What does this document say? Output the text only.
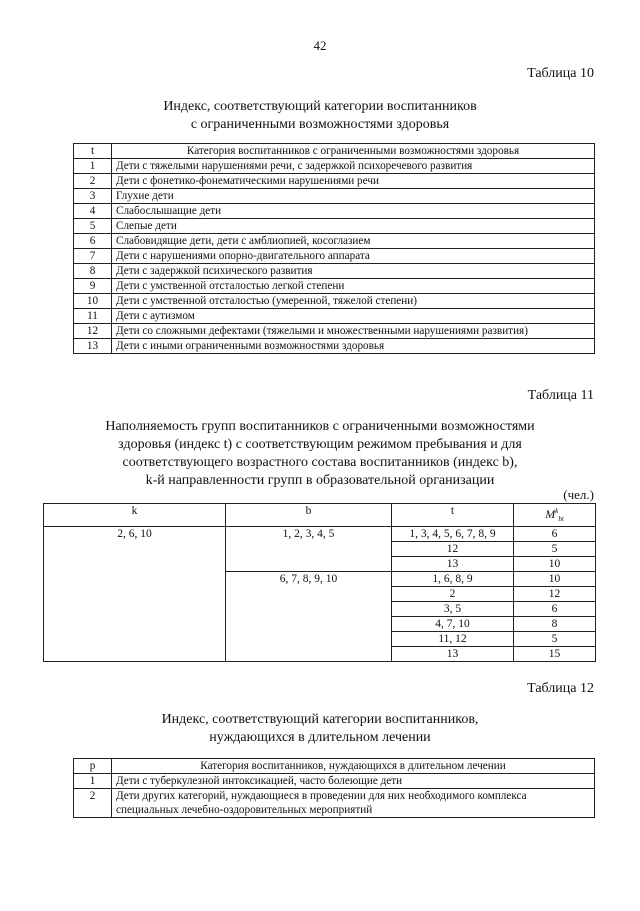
42
Таблица 10
Индекс, соответствующий категории воспитанников
с ограниченными возможностями здоровья
t	Категория воспитанников с ограниченными возможностями здоровья
1	Дети с тяжелыми нарушениями речи, с задержкой психоречевого развития
2	Дети с фонетико-фонематическими нарушениями речи
3	Глухие дети
4	Слабослышащие дети
5	Слепые дети
6	Слабовидящие дети, дети с амблиопией, косоглазием
7	Дети с нарушениями опорно-двигательного аппарата
8	Дети с задержкой психического развития
9	Дети с умственной отсталостью легкой степени
10	Дети с умственной отсталостью (умеренной, тяжелой степени)
11	Дети с аутизмом
12	Дети со сложными дефектами (тяжелыми и множественными нарушениями развития)
13	Дети с иными ограниченными возможностями здоровья
Таблица 11
Наполняемость групп воспитанников с ограниченными возможностями
здоровья (индекс t) с соответствующим режимом пребывания и для
соответствующего возрастного состава воспитанников (индекс b),
k-й направленности групп в образовательной организации
(чел.)
k	b	t	$M^k_{bt}$
2, 6, 10	1, 2, 3, 4, 5	1, 3, 4, 5, 6, 7, 8, 9	6
		12	5
		13	10
	6, 7, 8, 9, 10	1, 6, 8, 9	10
		2	12
		3, 5	6
		4, 7, 10	8
		11, 12	5
		13	15
Таблица 12
Индекс, соответствующий категории воспитанников,
нуждающихся в длительном лечении
p	Категория воспитанников, нуждающихся в длительном лечении
1	Дети с туберкулезной интоксикацией, часто болеющие дети
2	Дети других категорий, нуждающиеся в проведении для них необходимого комплекса специальных лечебно-оздоровительных мероприятий
